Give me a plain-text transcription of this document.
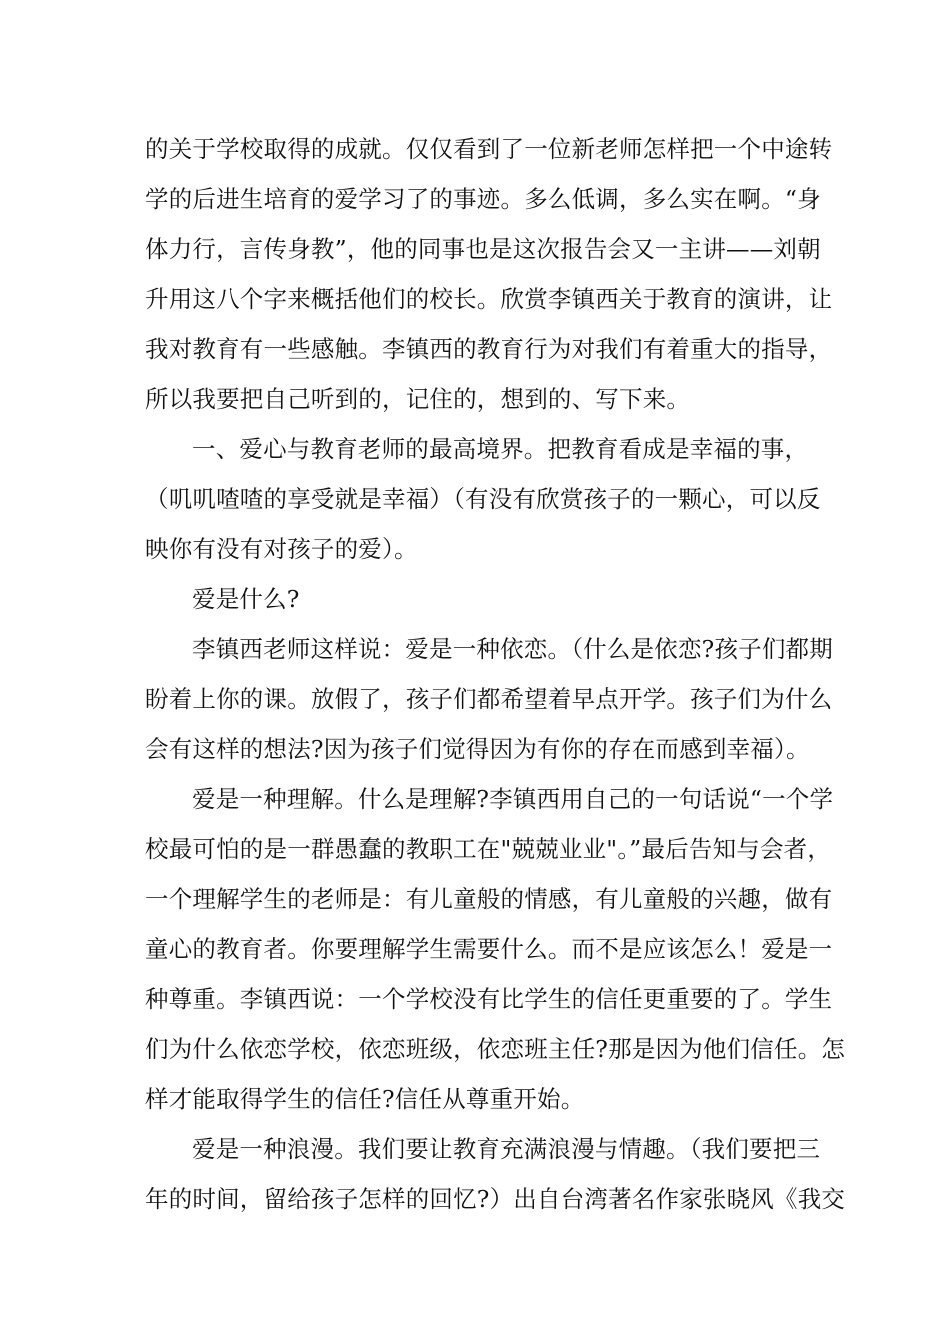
的关于学校取得的成就。仅仅看到了一位新老师怎样把一个中途转
学的后进生培育的爱学习了的事迹。多么低调，多么实在啊。“身
体力行，言传身教”，他的同事也是这次报告会又一主讲——刘朝
升用这八个字来概括他们的校长。欣赏李镇西关于教育的演讲，让
我对教育有一些感触。李镇西的教育行为对我们有着重大的指导，
所以我要把自己听到的，记住的，想到的、写下来。
一、爱心与教育老师的最高境界。把教育看成是幸福的事，
（叽叽喳喳的享受就是幸福）（有没有欣赏孩子的一颗心，可以反
映你有没有对孩子的爱）。
爱是什么?
李镇西老师这样说：爱是一种依恋。（什么是依恋?孩子们都期
盼着上你的课。放假了，孩子们都希望着早点开学。孩子们为什么
会有这样的想法?因为孩子们觉得因为有你的存在而感到幸福）。
爱是一种理解。什么是理解?李镇西用自己的一句话说“一个学
校最可怕的是一群愚蠢的教职工在"兢兢业业"。”最后告知与会者，
一个理解学生的老师是：有儿童般的情感，有儿童般的兴趣，做有
童心的教育者。你要理解学生需要什么。而不是应该怎么！爱是一
种尊重。李镇西说：一个学校没有比学生的信任更重要的了。学生
们为什么依恋学校，依恋班级，依恋班主任?那是因为他们信任。怎
样才能取得学生的信任?信任从尊重开始。
爱是一种浪漫。我们要让教育充满浪漫与情趣。（我们要把三
年的时间，留给孩子怎样的回忆?）出自台湾著名作家张晓风《我交
